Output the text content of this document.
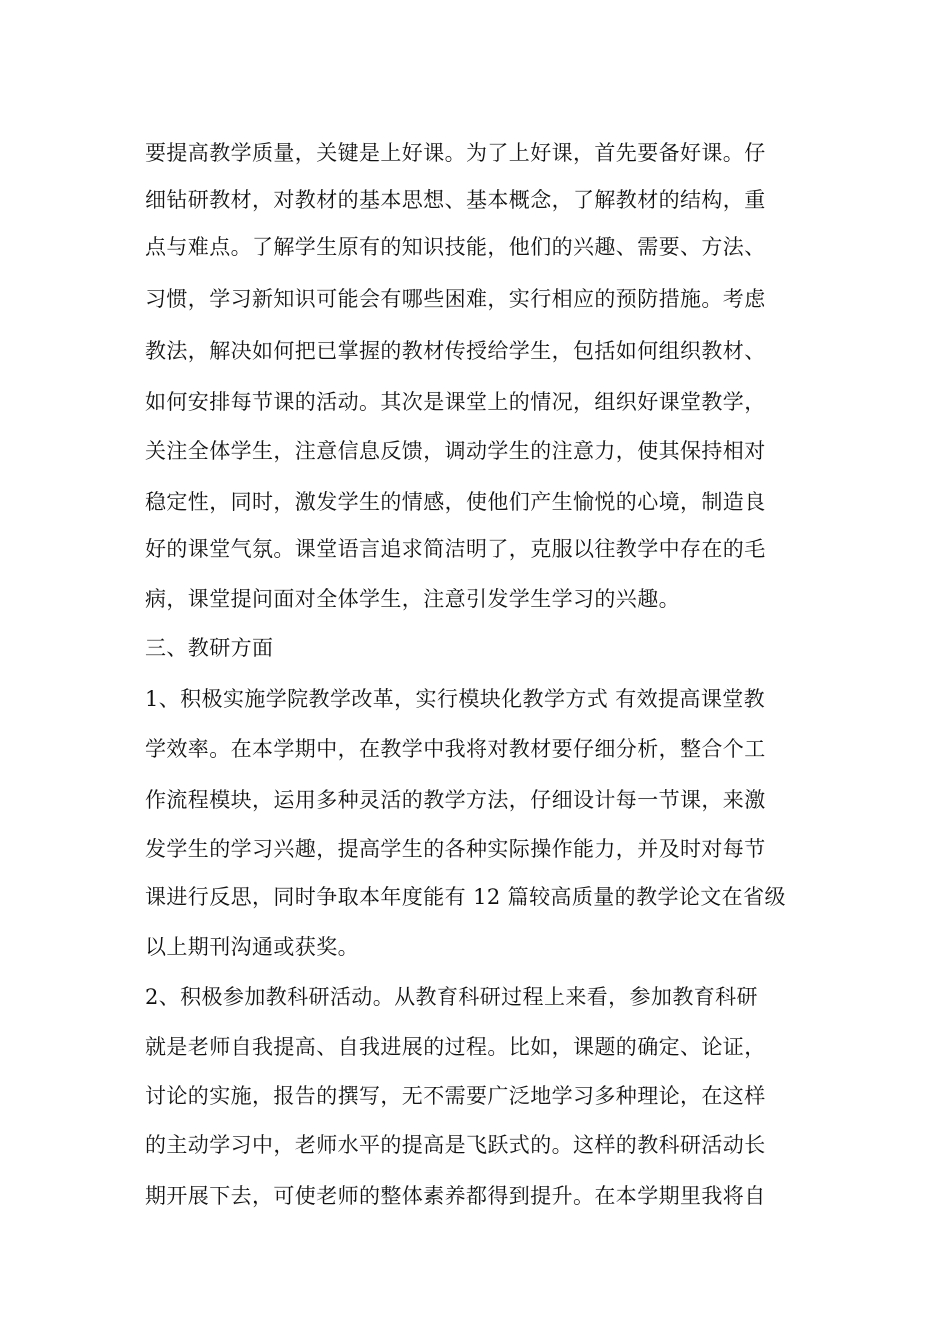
要提高教学质量，关键是上好课。为了上好课，首先要备好课。仔
细钻研教材，对教材的基本思想、基本概念，了解教材的结构，重
点与难点。了解学生原有的知识技能，他们的兴趣、需要、方法、
习惯，学习新知识可能会有哪些困难，实行相应的预防措施。考虑
教法，解决如何把已掌握的教材传授给学生，包括如何组织教材、
如何安排每节课的活动。其次是课堂上的情况，组织好课堂教学，
关注全体学生，注意信息反馈，调动学生的注意力，使其保持相对
稳定性，同时，激发学生的情感，使他们产生愉悦的心境，制造良
好的课堂气氛。课堂语言追求简洁明了，克服以往教学中存在的毛
病，课堂提问面对全体学生，注意引发学生学习的兴趣。
三、教研方面
1、积极实施学院教学改革，实行模块化教学方式 有效提高课堂教
学效率。在本学期中，在教学中我将对教材要仔细分析，整合个工
作流程模块，运用多种灵活的教学方法，仔细设计每一节课，来激
发学生的学习兴趣，提高学生的各种实际操作能力，并及时对每节
课进行反思，同时争取本年度能有 12 篇较高质量的教学论文在省级
以上期刊沟通或获奖。
2、积极参加教科研活动。从教育科研过程上来看，参加教育科研
就是老师自我提高、自我进展的过程。比如，课题的确定、论证，
讨论的实施，报告的撰写，无不需要广泛地学习多种理论，在这样
的主动学习中，老师水平的提高是飞跃式的。这样的教科研活动长
期开展下去，可使老师的整体素养都得到提升。在本学期里我将自
